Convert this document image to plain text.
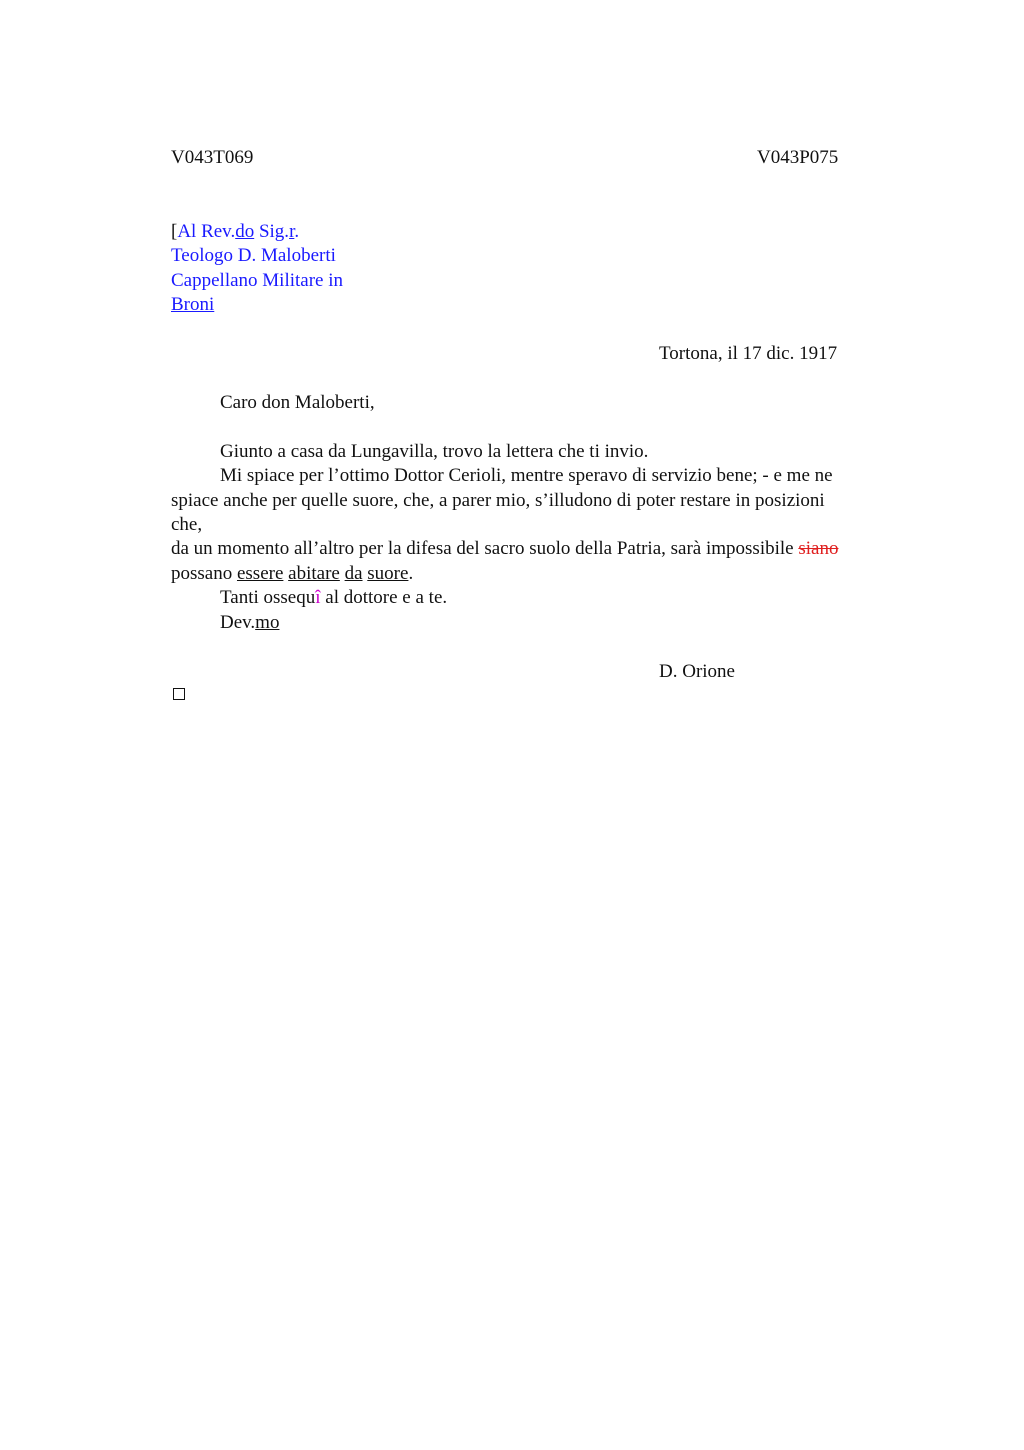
V043T069	V043P075
[Al Rev.do Sig.r.
Teologo D. Maloberti
Cappellano Militare in
Broni
Tortona, il 17 dic. 1917
Caro don Maloberti,
Giunto a casa da Lungavilla, trovo la lettera che ti invio.
Mi spiace per l’ottimo Dottor Cerioli, mentre speravo di servizio bene; - e me ne
spiace anche per quelle suore, che, a parer mio, s’illudono di poter restare in posizioni
che,
da un momento all’altro per la difesa del sacro suolo della Patria, sarà impossibile siano
possano essere abitare da suore.
Tanti ossequî al dottore e a te.
Dev.mo
D. Orione
